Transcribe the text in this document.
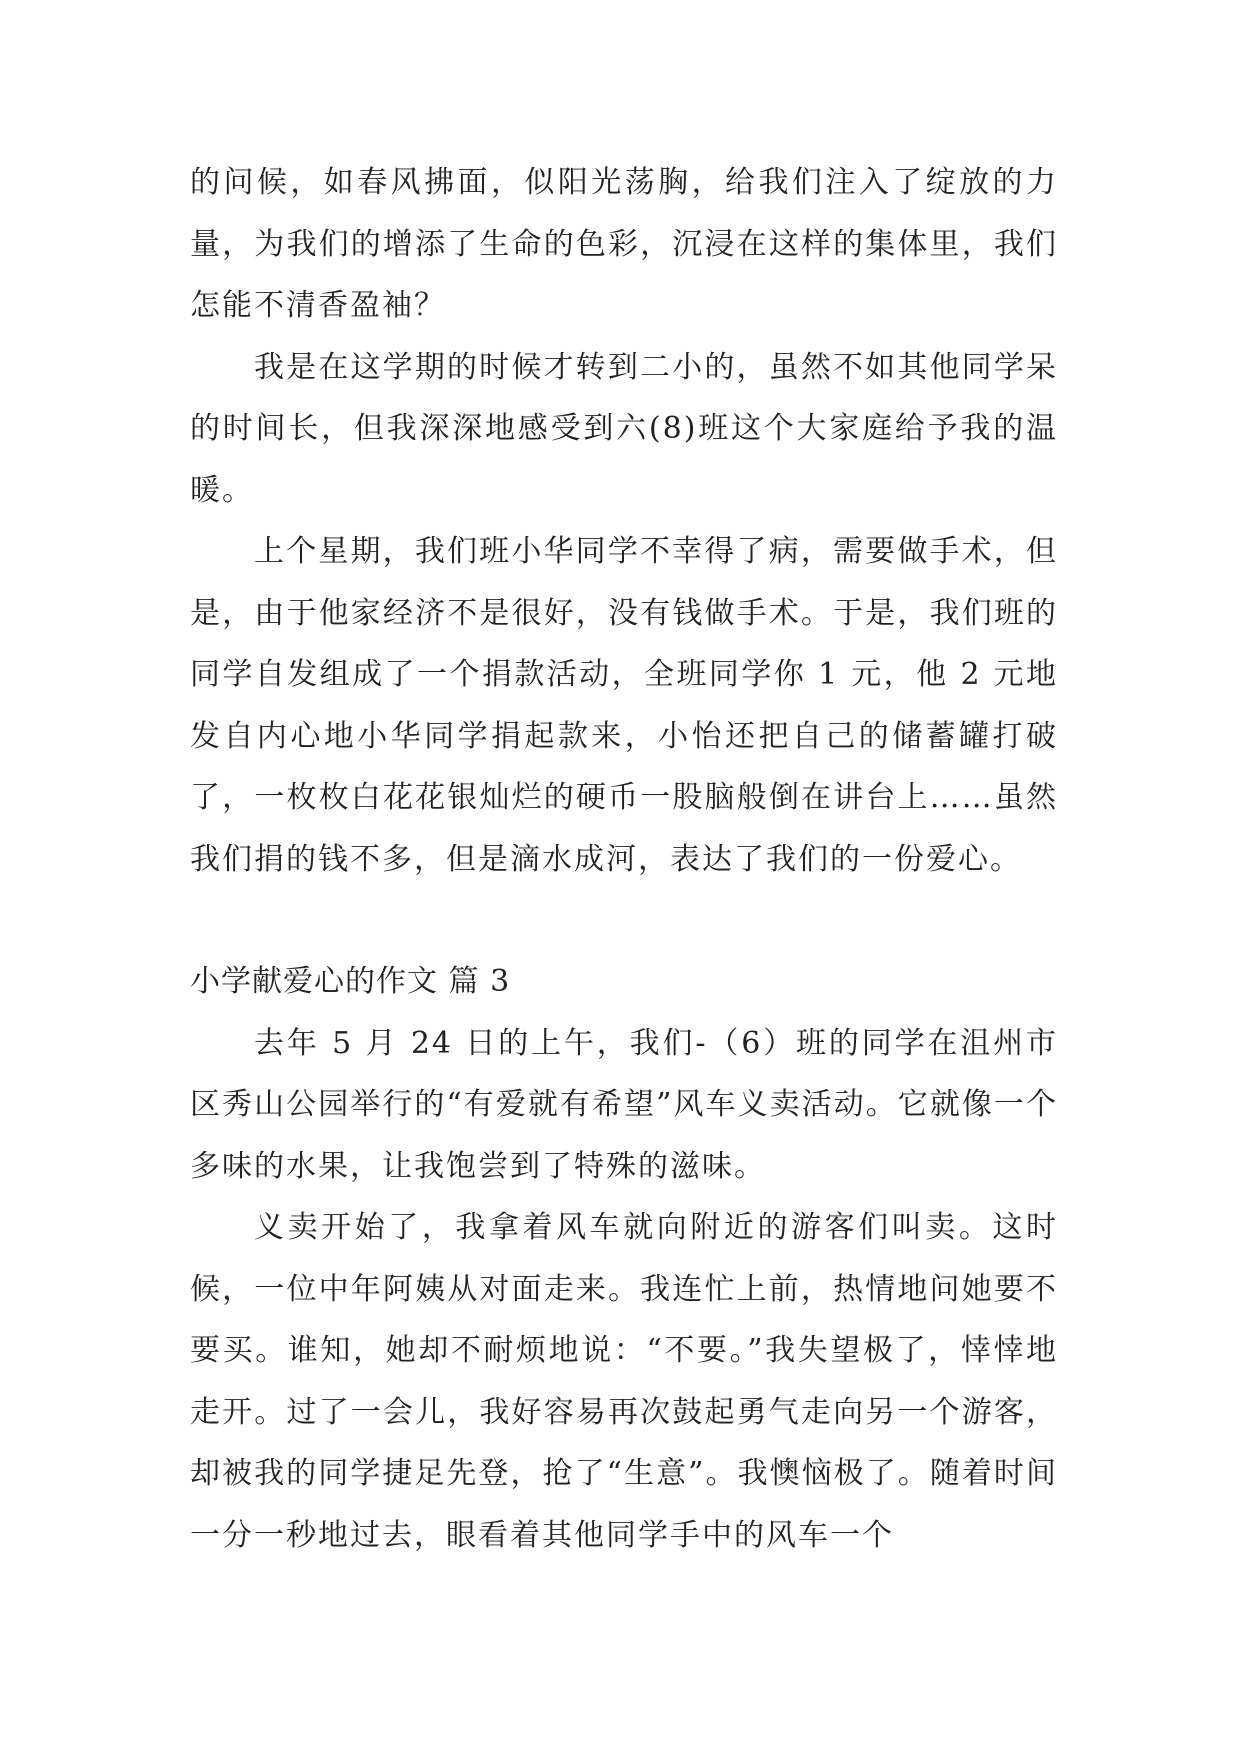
的问候，如春风拂面，似阳光荡胸，给我们注入了绽放的力量，为我们的增添了生命的色彩，沉浸在这样的集体里，我们怎能不清香盈袖？

我是在这学期的时候才转到二小的，虽然不如其他同学呆的时间长，但我深深地感受到六(8)班这个大家庭给予我的温暖。

上个星期，我们班小华同学不幸得了病，需要做手术，但是，由于他家经济不是很好，没有钱做手术。于是，我们班的同学自发组成了一个捐款活动，全班同学你 1 元，他 2 元地发自内心地小华同学捐起款来，小怡还把自己的储蓄罐打破了，一枚枚白花花银灿烂的硬币一股脑般倒在讲台上……虽然我们捐的钱不多，但是滴水成河，表达了我们的一份爱心。

小学献爱心的作文 篇 3

去年 5 月 24 日的上午，我们-（6）班的同学在沮州市区秀山公园举行的“有爱就有希望”风车义卖活动。它就像一个多味的水果，让我饱尝到了特殊的滋味。

义卖开始了，我拿着风车就向附近的游客们叫卖。这时候，一位中年阿姨从对面走来。我连忙上前，热情地问她要不要买。谁知，她却不耐烦地说：“不要。”我失望极了，悻悻地走开。过了一会儿，我好容易再次鼓起勇气走向另一个游客，却被我的同学捷足先登，抢了“生意”。我懊恼极了。随着时间一分一秒地过去，眼看着其他同学手中的风车一个
